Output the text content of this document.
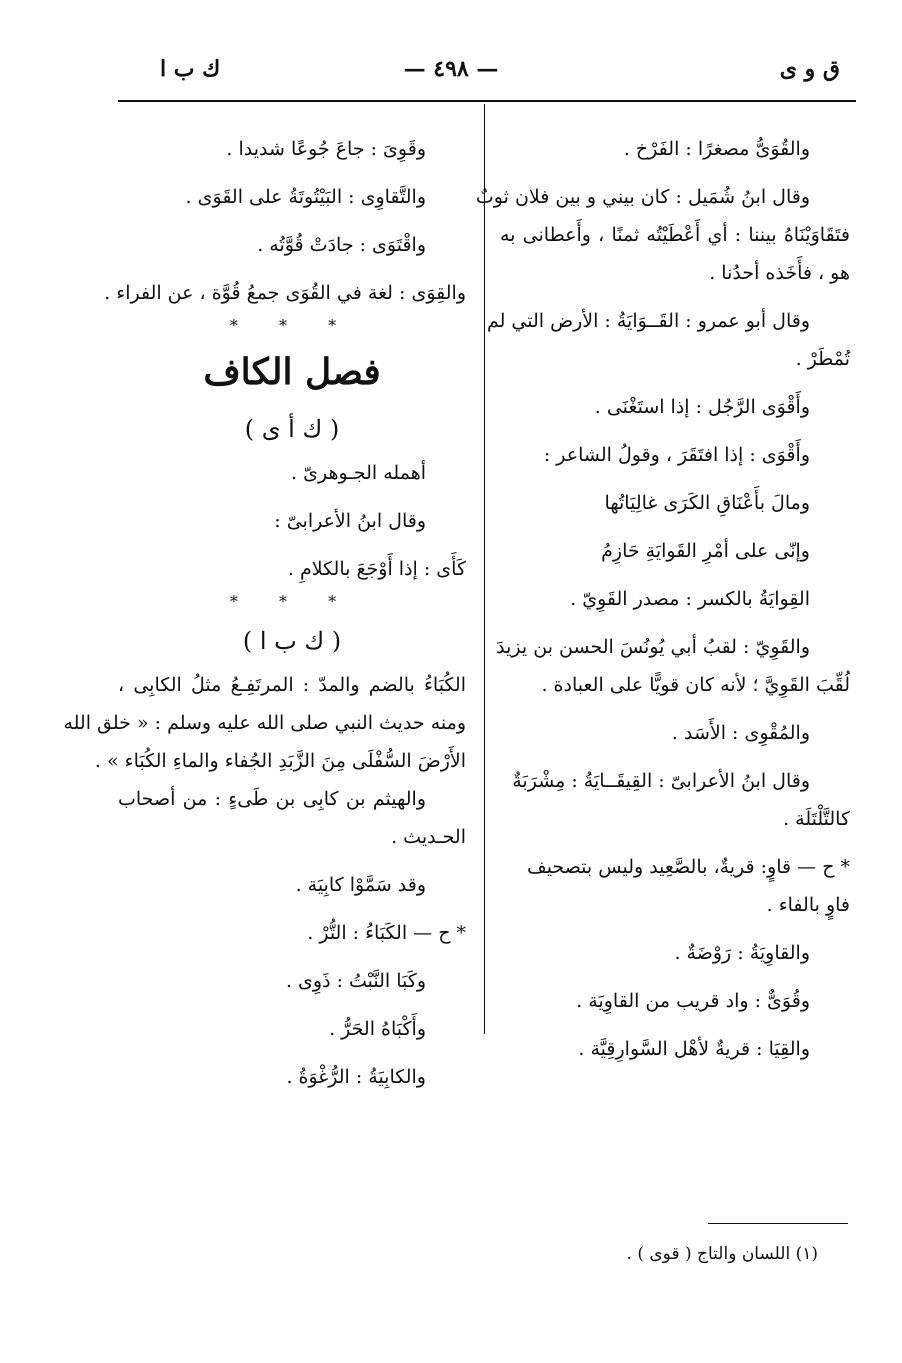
ق و ى
— ٤٩٨ —
ك ب ا
والقُوَىُّ مصغرًا : الفَرْخ .
وقال ابنُ شُمَيل : كان بيني و بين فلان ثوبٌ
فتَقَاوَيْنَاهُ بيننا : أي أَعْطَيْتُه ثمنًا ، وأَعطانى به
هو ، فأَخَذه أحدُنا .
وقال أبو عمرو : القَــوَايَةُ : الأرض التي لم
تُمْطَرْ .
وأَقْوَى الرَّجُل : إذا استَغْنَى .
وأَقْوَى : إذا افتَقَرَ ، وقولُ الشاعر :
ومالَ بأَعْنَاقِ الكَرَى غالِيَاتُها
وإنّى على أمْرِ القَوايَةِ حَازِمُ
القِوايَةُ بالكسر : مصدر القَوِيّ .
والقَوِيّ : لقبُ أبي يُونُسَ الحسن بن يزيدَ
لُقِّبَ القَوِيَّ ؛ لأنه كان قويًّا على العبادة .
والمُقْوِى : الأَسَد .
وقال ابنُ الأعرابىّ : القِيقَــايَةُ : مِشْرَبَةٌ
كالتَّلْتَلَة .
* ح — قاوٍ: قريةٌ، بالصَّعِيد وليس بتصحيف
فاوٍ بالفاء .
والقاوِيَةُ : رَوْضَةٌ .
وقُوَىٌّ : واد قريب من القاوِيَة .
والقِيَا : قريةٌ لأهْل السَّوارِقِيَّة .
وقَوِىَ : جاعَ جُوعًا شديدا .
والتَّقاوِى : البَيْتُوتَةُ على القَوَى .
واقْتَوَى : جادَتْ قُوَّتُه .
والقِوَى : لغة في القُوَى جمعُ قُوَّة ، عن الفراء .
* * *
فصل الكاف
( ك أ ى )
أهمله الجـوهرىّ .
وقال ابنُ الأعرابىّ :
كَأَى : إذا أَوْجَعَ بالكلامِ .
* * *
( ك ب ا )
الكُبَاءُ بالضم والمدّ : المرتَفِـعُ مثلُ الكابِى ،
ومنه حديث النبي صلى الله عليه وسلم : « خلق الله
الأَرْضَ السُّفْلَى مِنَ الزَّبَدِ الجُفاء والماءِ الكُبَاء » .
والهيثم بن كابِى بن طَىءٍ : من أصحاب
الحـديث .
وقد سَمَّوْا كابِيَة .
* ح — الكَبَاءُ : التُّرْ .
وكَبَا النَّبْتُ : ذَوِى .
وأَكْبَاهُ الحَرُّ .
والكابِيَةُ : الرُّغْوَةُ .
(١) اللسان والتاج ( قوى ) .
